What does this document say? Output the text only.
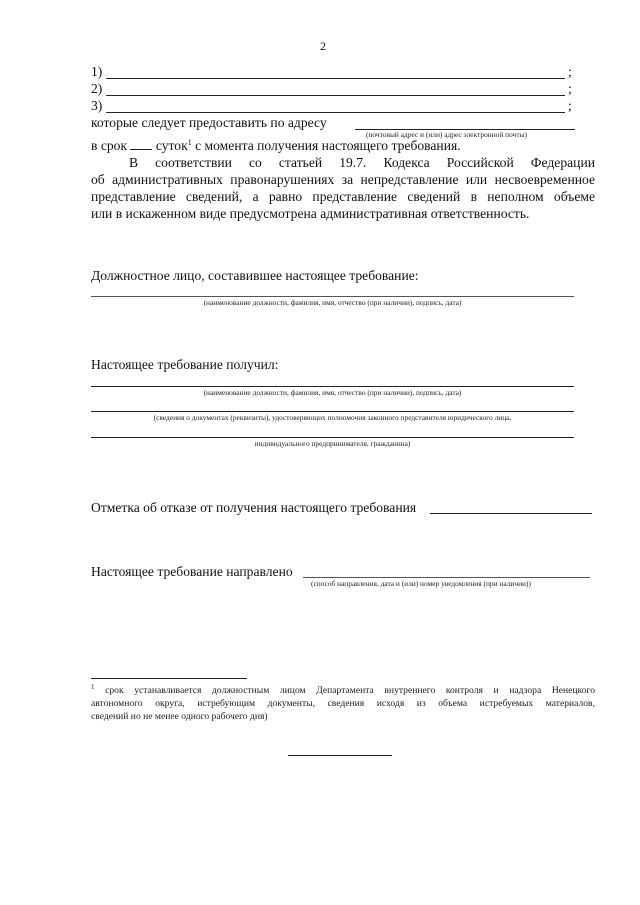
2
1)	;
2)	;
3)	;
которые следует предоставить по адресу
(почтовый адрес и (или) адрес электронной почты)
в срок суток$^1$ с момента получения настоящего требования.
В соответствии со статьей 19.7. Кодекса Российской Федерации
об административных правонарушениях за непредставление или несвоевременное
представление сведений, а равно представление сведений в неполном объеме
или в искаженном виде предусмотрена административная ответственность.
Должностное лицо, составившее настоящее требование:
(наименование должности, фамилия, имя, отчество (при наличии), подпись, дата)
Настоящее требование получил:
(наименование должности, фамилия, имя, отчество (при наличии), подпись, дата)
(сведения о документах (реквизиты), удостоверяющих полномочия законного представителя юридического лица,
индивидуального предпринимателя, гражданина)
Отметка об отказе от получения настоящего требования
Настоящее требование направлено
(способ направления, дата и (или) номер уведомления (при наличии))
$^1$ срок устанавливается должностным лицом Департамента внутреннего контроля и надзора Ненецкого
автономного округа, истребующим документы, сведения исходя из объема истребуемых материалов,
сведений но не менее одного рабочего дня)
